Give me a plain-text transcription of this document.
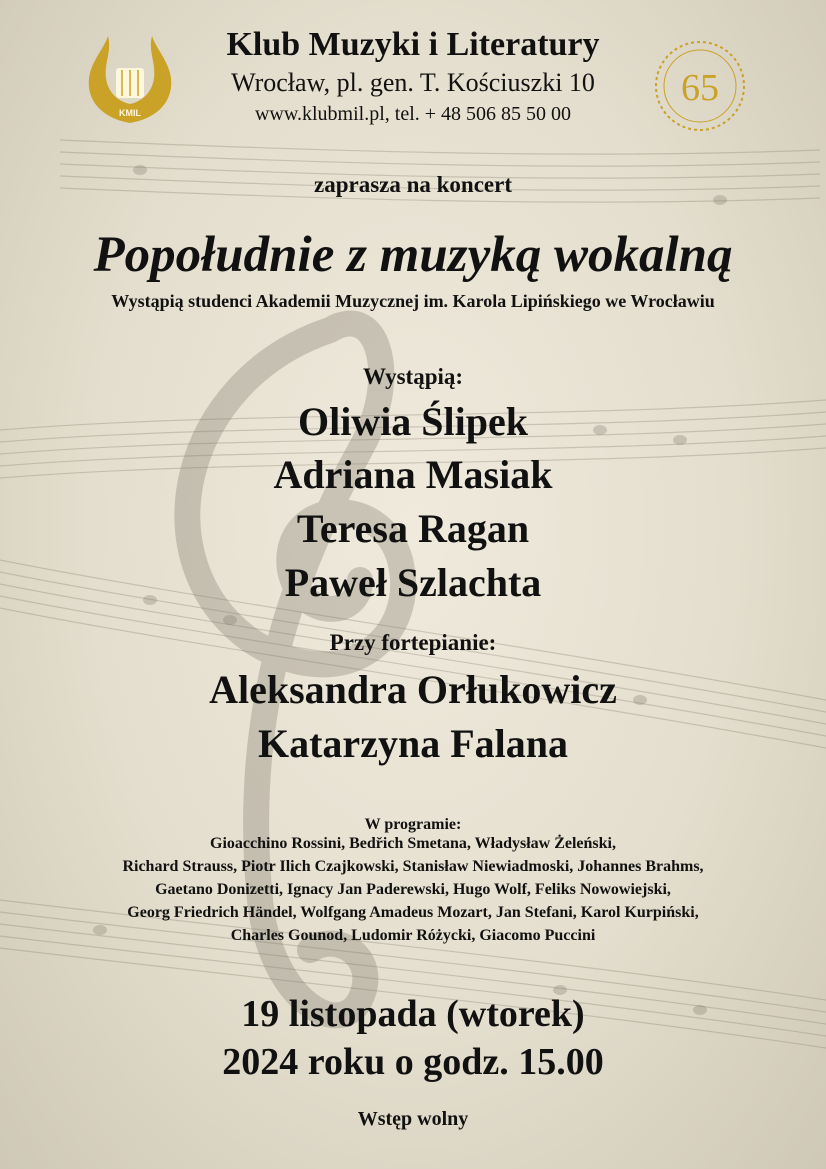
KMIL
65
Klub Muzyki i Literatury
Wrocław, pl. gen. T. Kościuszki 10
www.klubmil.pl, tel. + 48 506 85 50 00
zaprasza na koncert
Popołudnie z muzyką wokalną
Wystąpią studenci Akademii Muzycznej im. Karola Lipińskiego we Wrocławiu
Wystąpią:
Oliwia Ślipek
Adriana Masiak
Teresa Ragan
Paweł Szlachta
Przy fortepianie:
Aleksandra Orłukowicz
Katarzyna Falana
W programie:
Gioacchino Rossini, Bedřich Smetana, Władysław Żeleński,
Richard Strauss, Piotr Ilich Czajkowski, Stanisław Niewiadmoski, Johannes Brahms,
Gaetano Donizetti, Ignacy Jan Paderewski, Hugo Wolf, Feliks Nowowiejski,
Georg Friedrich Händel, Wolfgang Amadeus Mozart, Jan Stefani, Karol Kurpiński,
Charles Gounod, Ludomir Różycki, Giacomo Puccini
19 listopada (wtorek)
2024 roku o godz. 15.00
Wstęp wolny
